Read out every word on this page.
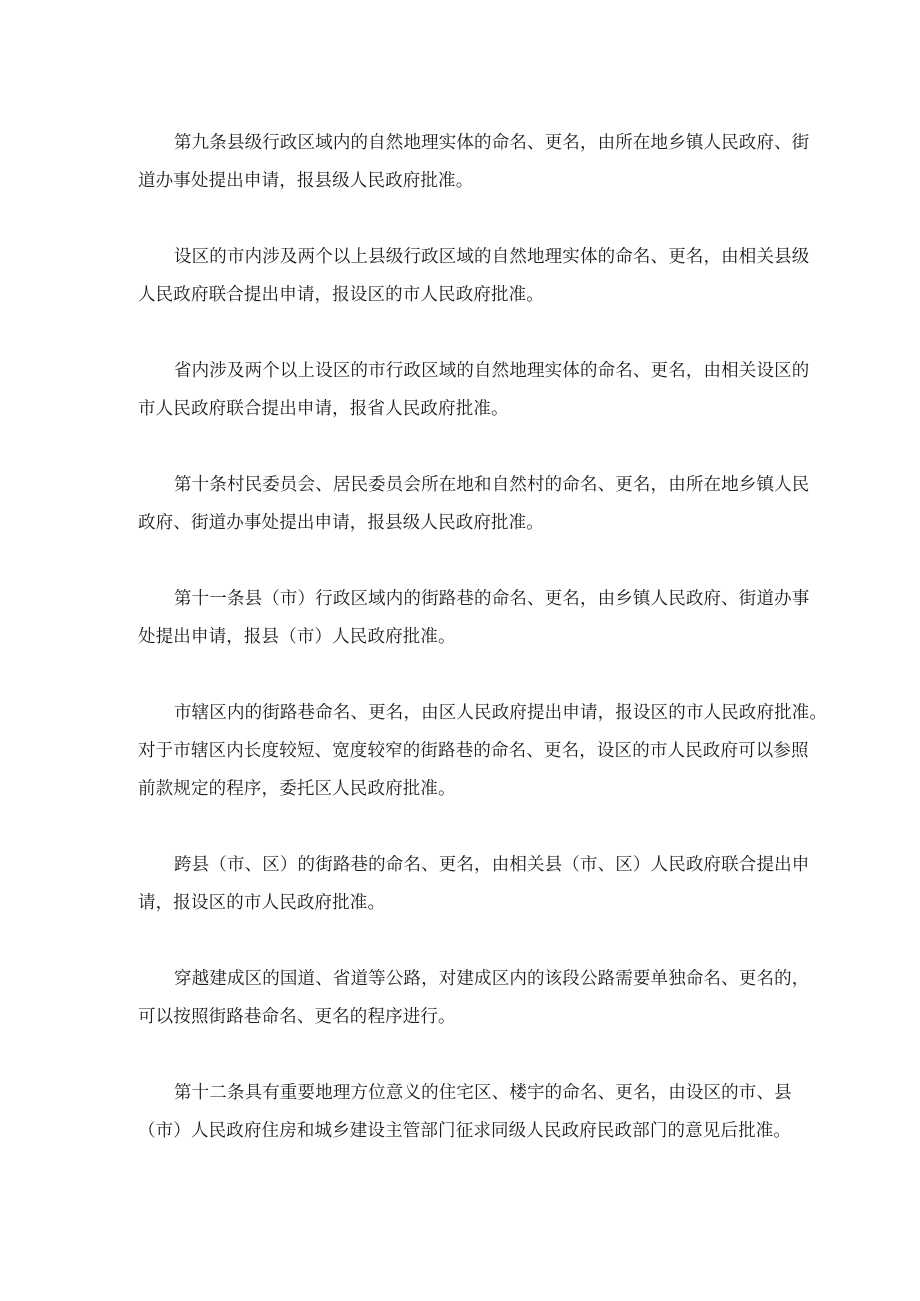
第九条县级行政区域内的自然地理实体的命名、更名，由所在地乡镇人民政府、街
道办事处提出申请，报县级人民政府批准。
设区的市内涉及两个以上县级行政区域的自然地理实体的命名、更名，由相关县级
人民政府联合提出申请，报设区的市人民政府批准。
省内涉及两个以上设区的市行政区域的自然地理实体的命名、更名，由相关设区的
市人民政府联合提出申请，报省人民政府批准。
第十条村民委员会、居民委员会所在地和自然村的命名、更名，由所在地乡镇人民
政府、街道办事处提出申请，报县级人民政府批准。
第十一条县（市）行政区域内的街路巷的命名、更名，由乡镇人民政府、街道办事
处提出申请，报县（市）人民政府批准。
市辖区内的街路巷命名、更名，由区人民政府提出申请，报设区的市人民政府批准。
对于市辖区内长度较短、宽度较窄的街路巷的命名、更名，设区的市人民政府可以参照
前款规定的程序，委托区人民政府批准。
跨县（市、区）的街路巷的命名、更名，由相关县（市、区）人民政府联合提出申
请，报设区的市人民政府批准。
穿越建成区的国道、省道等公路，对建成区内的该段公路需要单独命名、更名的，
可以按照街路巷命名、更名的程序进行。
第十二条具有重要地理方位意义的住宅区、楼宇的命名、更名，由设区的市、县
（市）人民政府住房和城乡建设主管部门征求同级人民政府民政部门的意见后批准。
